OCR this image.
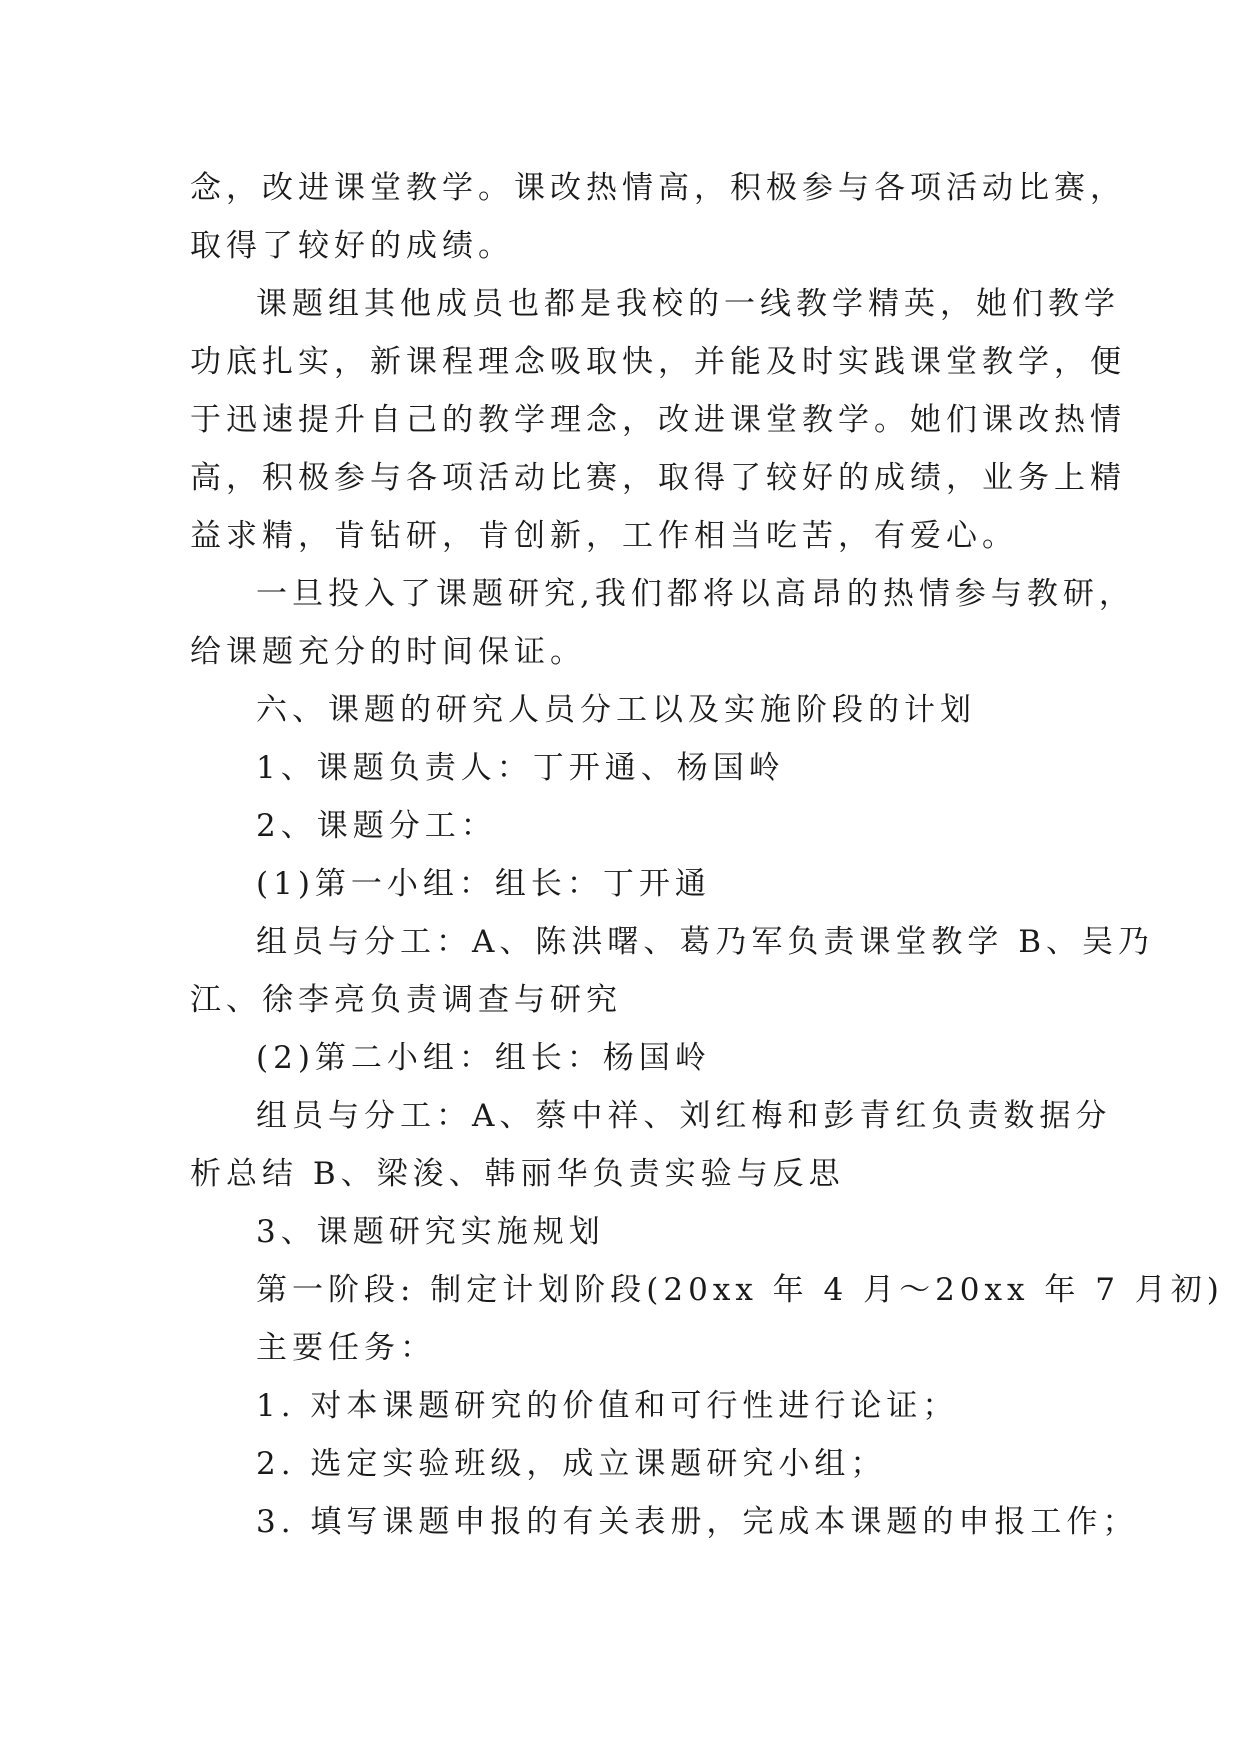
念，改进课堂教学。课改热情高，积极参与各项活动比赛，
取得了较好的成绩。
课题组其他成员也都是我校的一线教学精英，她们教学
功底扎实，新课程理念吸取快，并能及时实践课堂教学，便
于迅速提升自己的教学理念，改进课堂教学。她们课改热情
高，积极参与各项活动比赛，取得了较好的成绩，业务上精
益求精，肯钻研，肯创新，工作相当吃苦，有爱心。
一旦投入了课题研究,我们都将以高昂的热情参与教研，
给课题充分的时间保证。
六、课题的研究人员分工以及实施阶段的计划
1、课题负责人：丁开通、杨国岭
2、课题分工：
(1)第一小组：组长：丁开通
组员与分工：A、陈洪曙、葛乃军负责课堂教学 B、吴乃
江、徐李亮负责调查与研究
(2)第二小组：组长：杨国岭
组员与分工：A、蔡中祥、刘红梅和彭青红负责数据分
析总结 B、梁浚、韩丽华负责实验与反思
3、课题研究实施规划
第一阶段: 制定计划阶段(20xx 年 4 月～20xx 年 7 月初)
主要任务：
1. 对本课题研究的价值和可行性进行论证；
2. 选定实验班级，成立课题研究小组；
3. 填写课题申报的有关表册，完成本课题的申报工作；
